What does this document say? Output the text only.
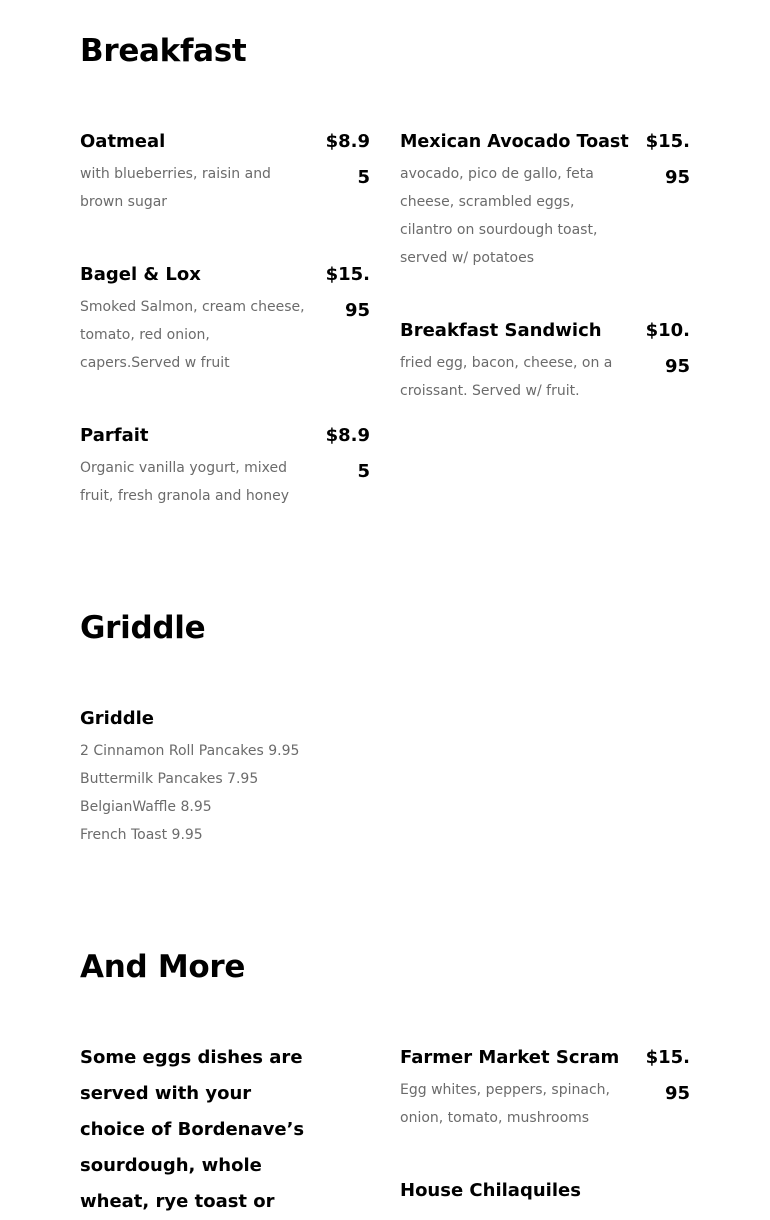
Breakfast
Oatmeal	$8.95
with blueberries, raisin and brown sugar
Bagel & Lox	$15.95
Smoked Salmon, cream cheese, tomato, red onion, capers.Served w fruit
Parfait	$8.95
Organic vanilla yogurt, mixed fruit, fresh granola and honey
Mexican Avocado Toast $15.95
avocado, pico de gallo, feta cheese, scrambled eggs, cilantro on sourdough toast, served w/ potatoes
Breakfast Sandwich $10.95
fried egg, bacon, cheese, on a croissant. Served w/ fruit.
Griddle
Griddle
2 Cinnamon Roll Pancakes 9.95
Buttermilk Pancakes 7.95
BelgianWaffle 8.95
French Toast 9.95
And More
Some eggs dishes are served with your choice of Bordenave’s sourdough, whole wheat, rye toast or
Farmer Market Scram $15.95
Egg whites, peppers, spinach, onion, tomato, mushrooms
House Chilaquiles
